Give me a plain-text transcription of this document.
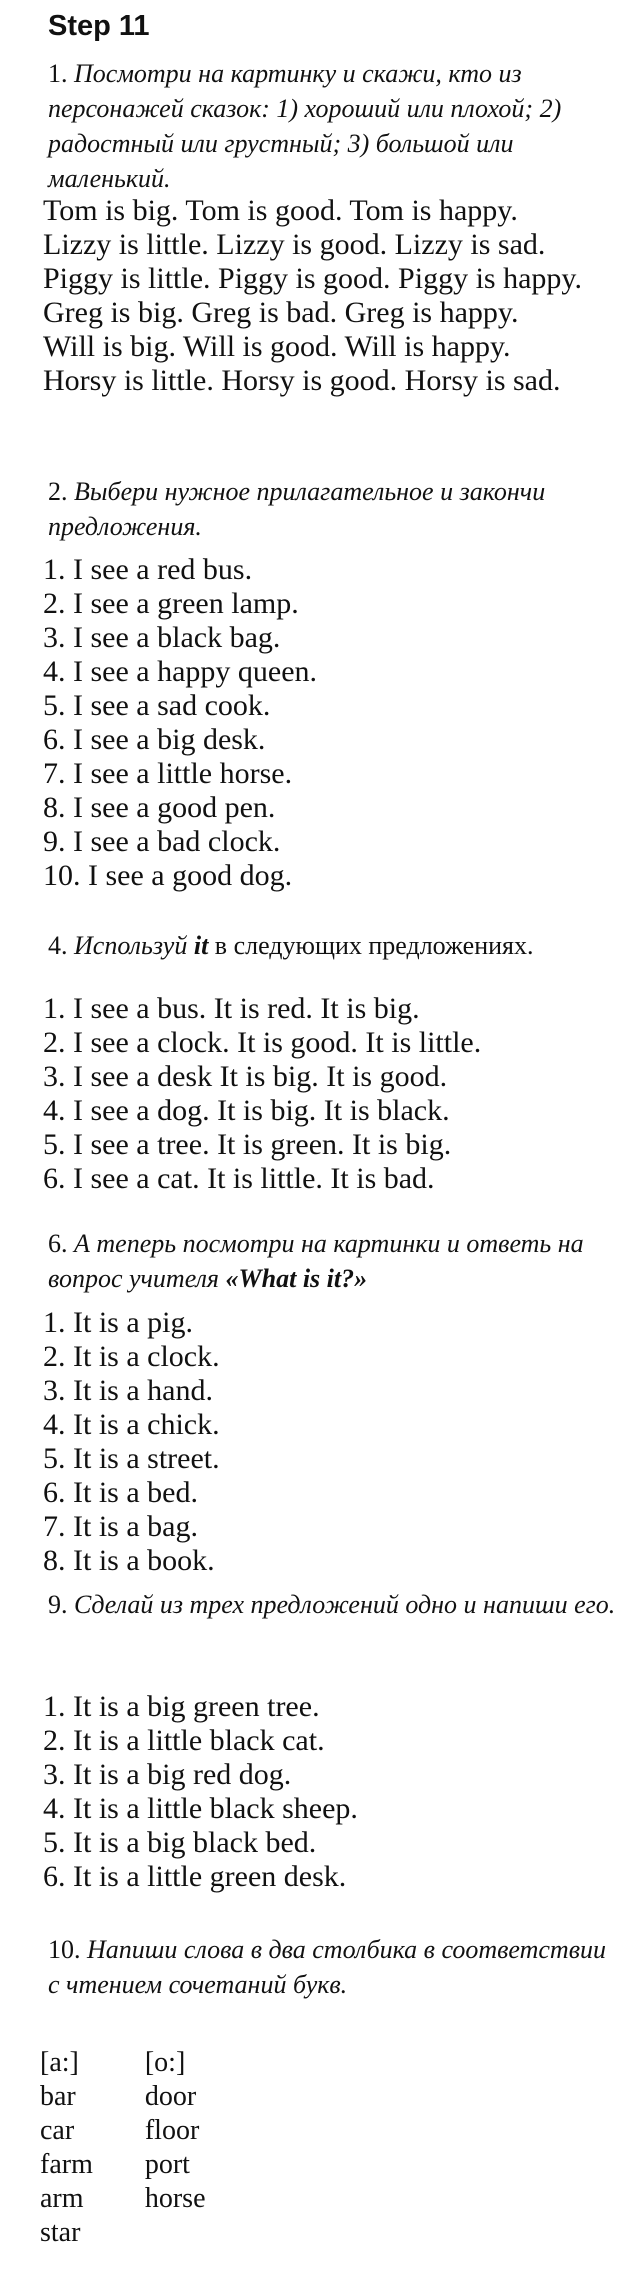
Step 11
1. Посмотри на картинку и скажи, кто из персонажей сказок: 1) хороший или плохой; 2) радостный или грустный; 3) большой или маленький.
Tom is big. Tom is good. Tom is happy.
Lizzy is little. Lizzy is good. Lizzy is sad.
Piggy is little. Piggy is good. Piggy is happy.
Greg is big. Greg is bad. Greg is happy.
Will is big. Will is good. Will is happy.
Horsy is little. Horsy is good. Horsy is sad.
2. Выбери нужное прилагательное и закончи предложения.
1. I see a red bus.
2. I see a green lamp.
3. I see a black bag.
4. I see a happy queen.
5. I see a sad cook.
6. I see a big desk.
7. I see a little horse.
8. I see a good pen.
9. I see a bad clock.
10. I see a good dog.
4. Используй it в следующих предложениях.
1. I see a bus. It is red. It is big.
2. I see a clock. It is good. It is little.
3. I see a desk It is big. It is good.
4. I see a dog. It is big. It is black.
5. I see a tree. It is green. It is big.
6. I see a cat. It is little. It is bad.
6. А теперь посмотри на картинки и ответь на вопрос учителя «What is it?»
1. It is a pig.
2. It is a clock.
3. It is a hand.
4. It is a chick.
5. It is a street.
6. It is a bed.
7. It is a bag.
8. It is a book.
9. Сделай из трех предложений одно и напиши его.
1. It is a big green tree.
2. It is a little black cat.
3. It is a big red dog.
4. It is a little black sheep.
5. It is a big black bed.
6. It is a little green desk.
10. Напиши слова в два столбика в соответствии с чтением сочетаний букв.
[a:]
bar
car
farm
arm
star
[o:]
door
floor
port
horse
